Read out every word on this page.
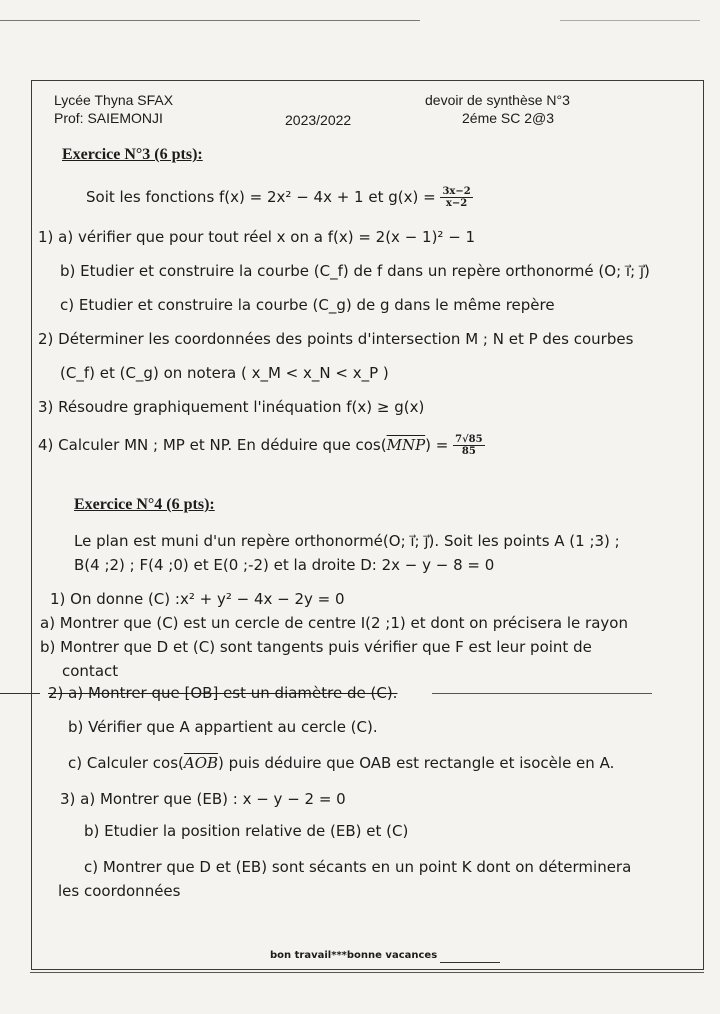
Lycée Thyna SFAX
Prof: SAIEMONJI	2023/2022
devoir de synthèse N°3
2éme SC 2@3
Exercice N°3 (6 pts):
Soit les fonctions f(x) = 2x² − 4x + 1 et $g(x) = \frac{3x-2}{x-2}$
1) a) vérifier que pour tout réel x on a f(x) = 2(x − 1)² − 1
b) Etudier et construire la courbe (C_f) de f dans un repère orthonormé (O; ı⃗; ȷ⃗)
c) Etudier et construire la courbe (C_g) de g dans le même repère
2) Déterminer les coordonnées des points d'intersection M ; N et P des courbes
(C_f) et (C_g) on notera ( x_M < x_N < x_P )
3) Résoudre graphiquement l'inéquation f(x) ≥ g(x)
4) Calculer MN ; MP et NP. En déduire que $\cos(\overline{MNP}) = \frac{7√85}{85}$
Exercice N°4 (6 pts):
Le plan est muni d'un repère orthonormé(O; ı⃗; ȷ⃗). Soit les points A (1 ;3) ;
B(4 ;2) ; F(4 ;0) et E(0 ;-2) et la droite D: 2x − y − 8 = 0
1) On donne (C) :x² + y² − 4x − 2y = 0
a) Montrer que (C) est un cercle de centre I(2 ;1) et dont on précisera le rayon
b) Montrer que D et (C) sont tangents puis vérifier que F est leur point de
contact
2) a) Montrer que [OB] est un diamètre de (C).
b) Vérifier que A appartient au cercle (C).
c) Calculer $\cos(\overline{AOB})$ puis déduire que OAB est rectangle et isocèle en A.
3) a) Montrer que (EB) : x − y − 2 = 0
b) Etudier la position relative de (EB) et (C)
c) Montrer que D et (EB) sont sécants en un point K dont on déterminera
les coordonnées
bon travail***bonne vacances
